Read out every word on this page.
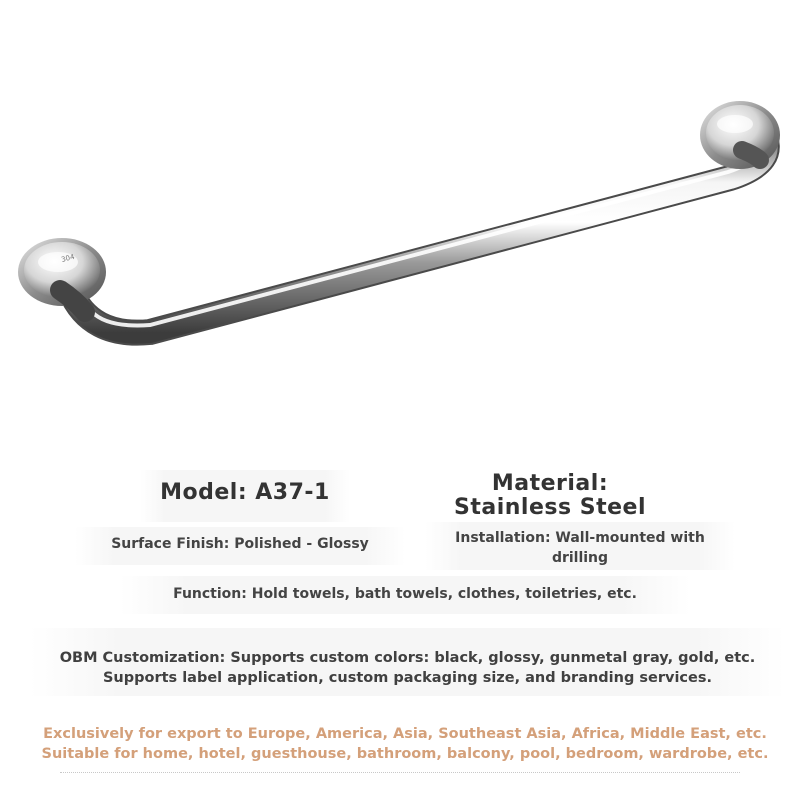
304
Model: A37-1	Material:
Stainless Steel
Surface Finish: Polished - Glossy	Installation: Wall-mounted with drilling
Function: Hold towels, bath towels, clothes, toiletries, etc.
OBM Customization: Supports custom colors: black, glossy, gunmetal gray, gold, etc.
Supports label application, custom packaging size, and branding services.
Exclusively for export to Europe, America, Asia, Southeast Asia, Africa, Middle East, etc.
Suitable for home, hotel, guesthouse, bathroom, balcony, pool, bedroom, wardrobe, etc.
